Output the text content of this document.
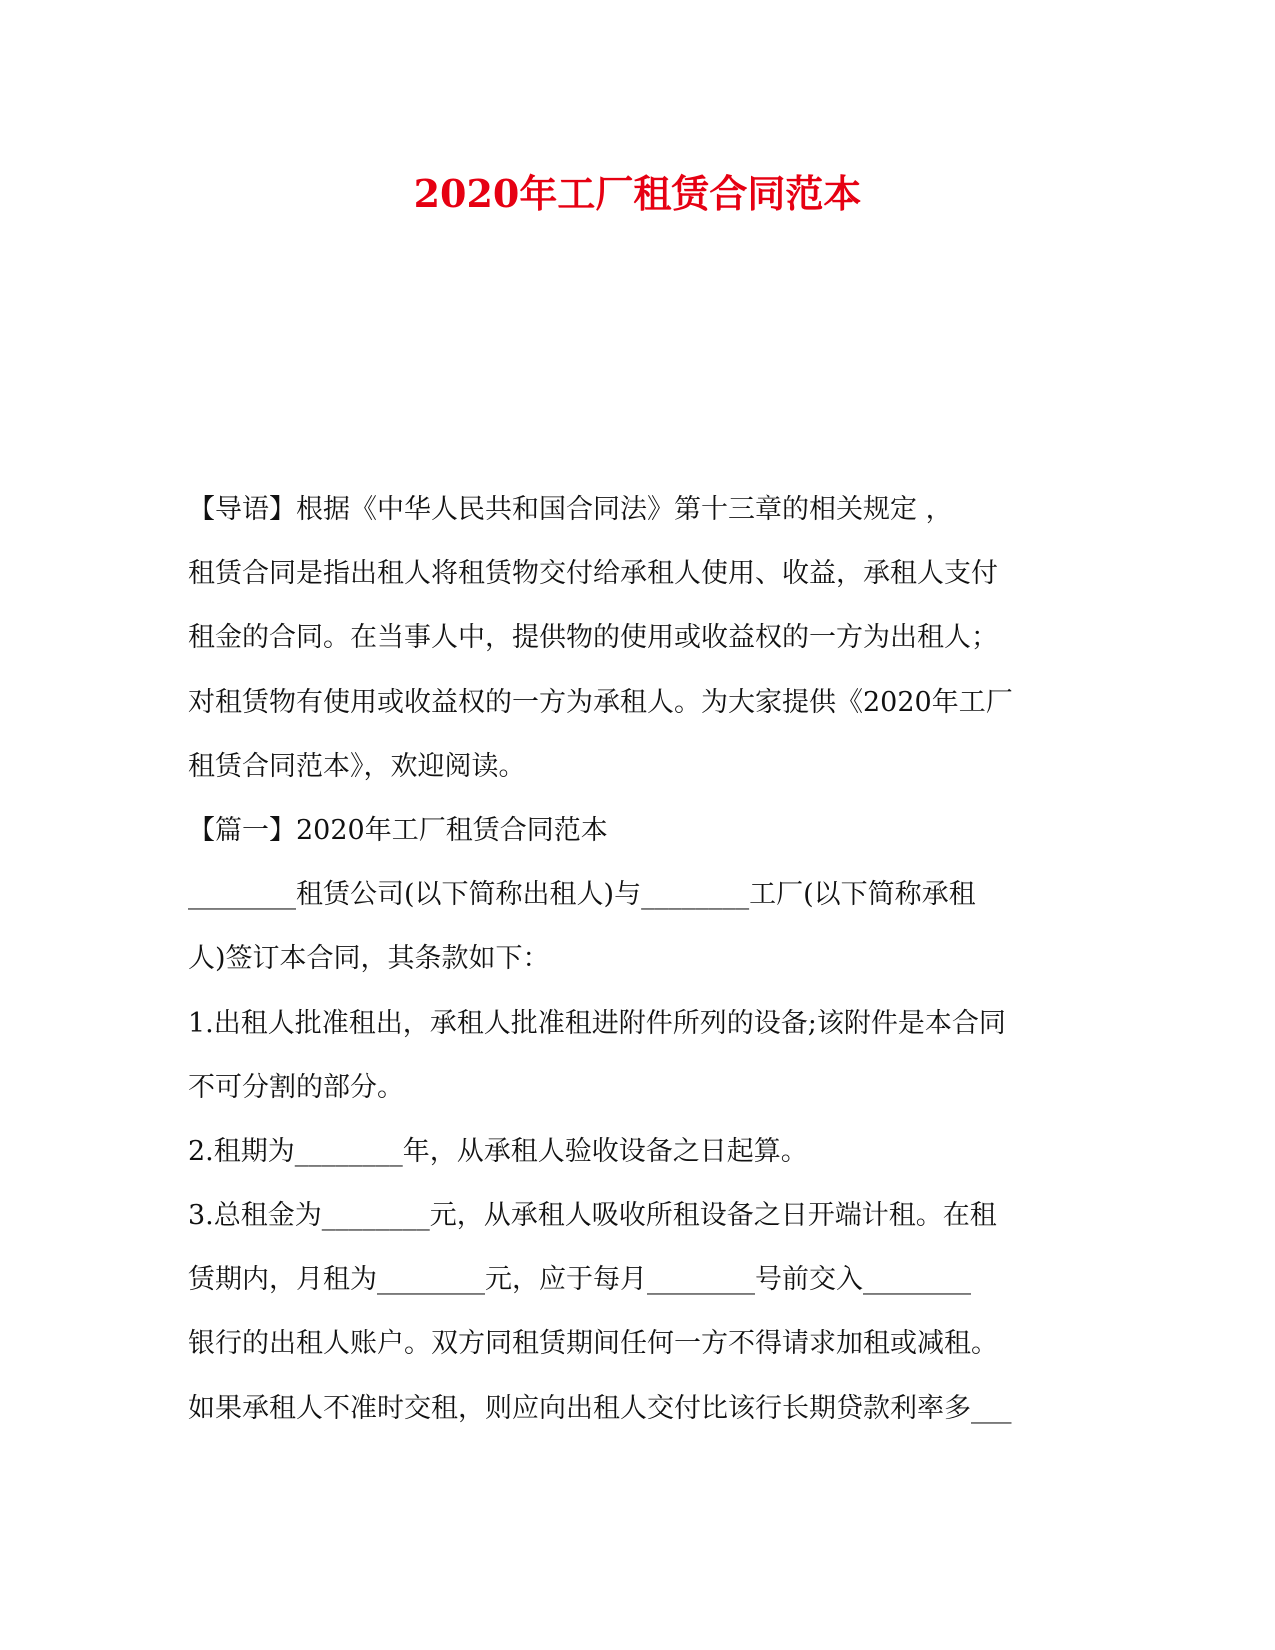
2020年工厂租赁合同范本

【导语】根据《中华人民共和国合同法》第十三章的相关规定 ，

租赁合同是指出租人将租赁物交付给承租人使用、收益，承租人支付

租金的合同。在当事人中，提供物的使用或收益权的一方为出租人；

对租赁物有使用或收益权的一方为承租人。为大家提供《2020年工厂

租赁合同范本》，欢迎阅读。

【篇一】2020年工厂租赁合同范本

________租赁公司(以下简称出租人)与________工厂(以下简称承租

人)签订本合同，其条款如下：

1.出租人批准租出，承租人批准租进附件所列的设备;该附件是本合同

不可分割的部分。

2.租期为________年，从承租人验收设备之日起算。

3.总租金为________元，从承租人吸收所租设备之日开端计租。在租

赁期内，月租为________元，应于每月________号前交入________

银行的出租人账户。双方同租赁期间任何一方不得请求加租或减租。

如果承租人不准时交租，则应向出租人交付比该行长期贷款利率多___
